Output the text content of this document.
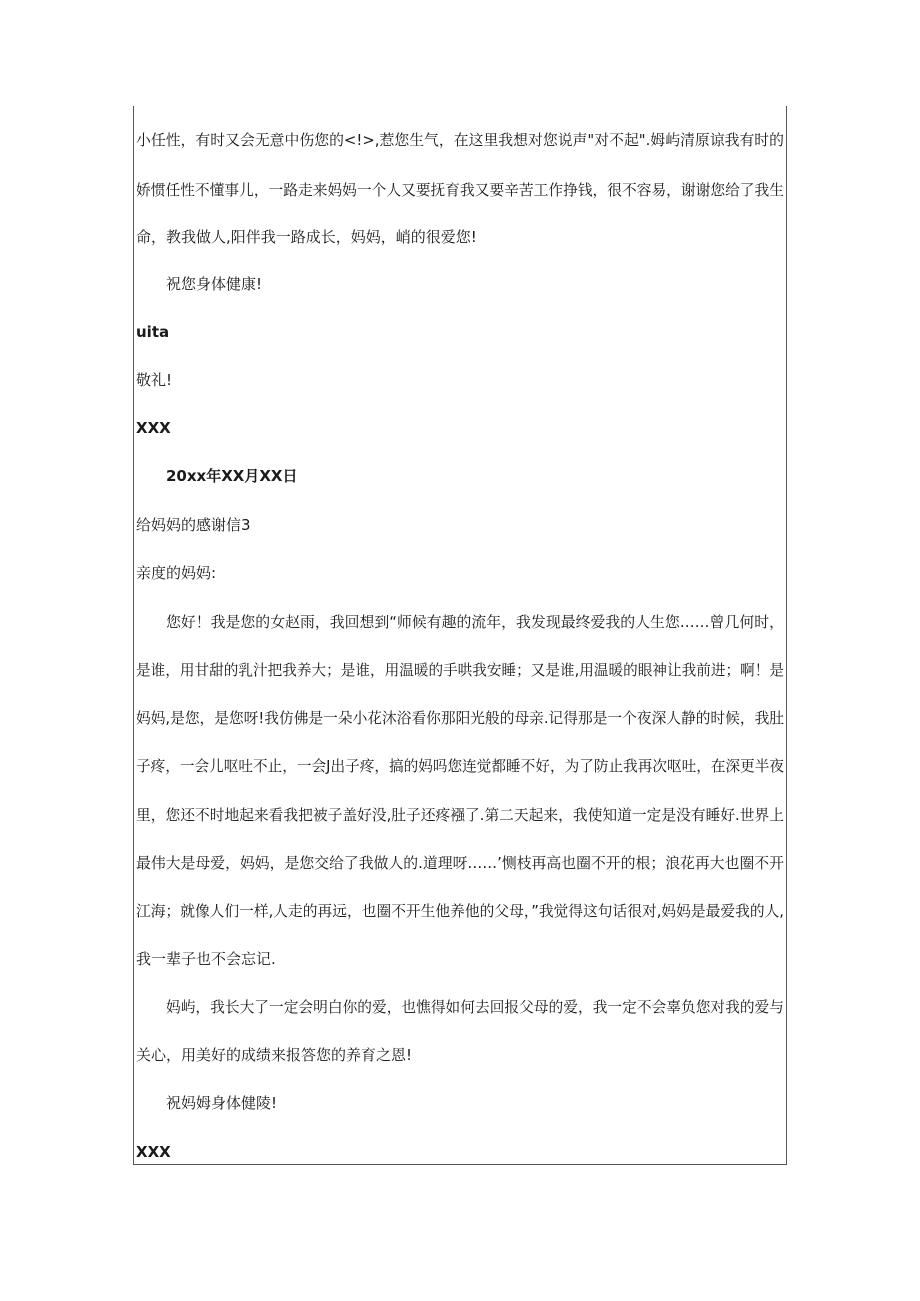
小任性，有时又会无意中伤您的<!>,惹您生气，在这里我想对您说声"对不起".姆屿清原谅我有时的
娇惯任性不懂事儿，一路走来妈妈一个人又要抚育我又要辛苦工作挣钱，很不容易，谢谢您给了我生
命，教我做人,阳伴我一路成长，妈妈，峭的很爱您!
祝您身体健康!
uita
敬礼!
XXX
20xx年XX月XX日
给妈妈的感谢信3
亲度的妈妈:
您好！我是您的女赵雨，我回想到“师候有趣的流年，我发现最终爱我的人生您……曾几何时，
是谁，用甘甜的乳汁把我养大；是谁，用温暖的手哄我安睡；又是谁,用温暖的眼神让我前进；啊！是
妈妈,是您，是您呀!我仿佛是一朵小花沐浴看你那阳光般的母亲.记得那是一个夜深人静的时候，我肚
子疼，一会儿呕吐不止，一会J出子疼，搞的妈吗您连觉都睡不好，为了防止我再次呕吐，在深更半夜
里，您还不时地起来看我把被子盖好没,肚子还疼襁了.第二天起来，我使知道一定是没有睡好.世界上
最伟大是母爱，妈妈，是您交给了我做人的.道理呀……’恻枝再高也圈不开的根；浪花再大也圈不开
江海；就像人们一样,人走的再远，也圈不开生他养他的父母，”我觉得这句话很对,妈妈是最爱我的人,
我一辈子也不会忘记.
妈屿，我长大了一定会明白你的爱，也憔得如何去回报父母的爱，我一定不会辜负您对我的爱与
关心，用美好的成绩来报答您的养育之恩!
祝妈姆身体健陵!
XXX
